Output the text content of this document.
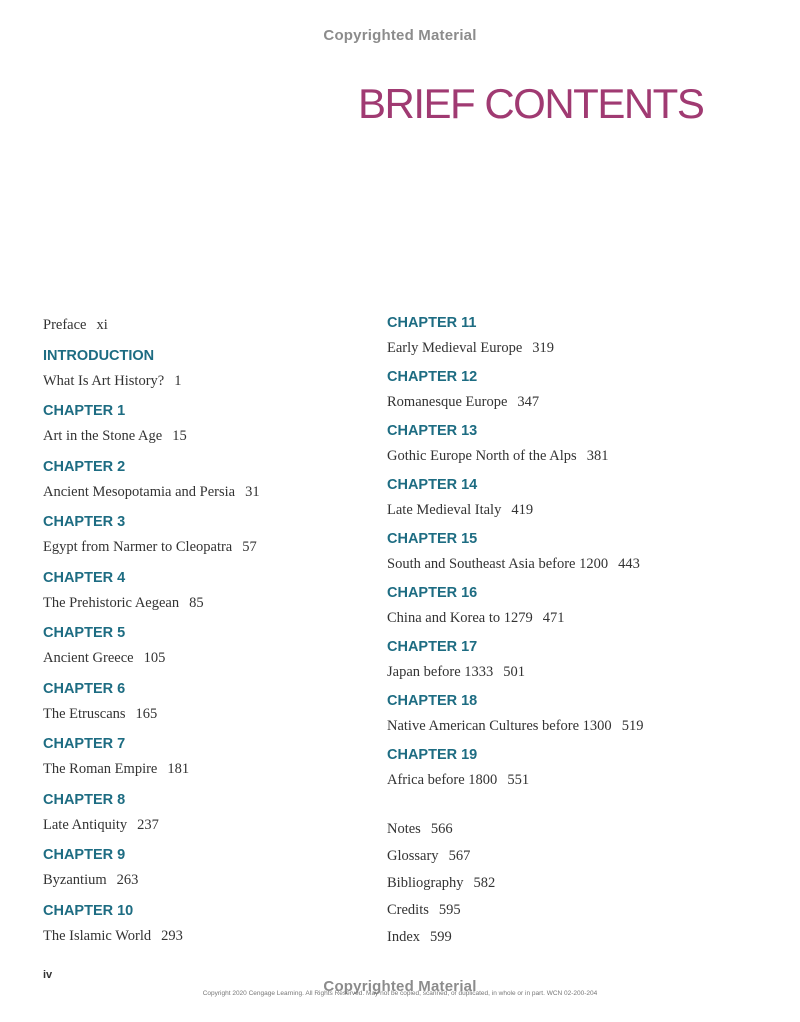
Copyrighted Material
BRIEF CONTENTS
Preface xi
INTRODUCTION
What Is Art History? 1
CHAPTER 1
Art in the Stone Age 15
CHAPTER 2
Ancient Mesopotamia and Persia 31
CHAPTER 3
Egypt from Narmer to Cleopatra 57
CHAPTER 4
The Prehistoric Aegean 85
CHAPTER 5
Ancient Greece 105
CHAPTER 6
The Etruscans 165
CHAPTER 7
The Roman Empire 181
CHAPTER 8
Late Antiquity 237
CHAPTER 9
Byzantium 263
CHAPTER 10
The Islamic World 293
CHAPTER 11
Early Medieval Europe 319
CHAPTER 12
Romanesque Europe 347
CHAPTER 13
Gothic Europe North of the Alps 381
CHAPTER 14
Late Medieval Italy 419
CHAPTER 15
South and Southeast Asia before 1200 443
CHAPTER 16
China and Korea to 1279 471
CHAPTER 17
Japan before 1333 501
CHAPTER 18
Native American Cultures before 1300 519
CHAPTER 19
Africa before 1800 551
Notes 566
Glossary 567
Bibliography 582
Credits 595
Index 599
iv
Copyrighted Material
Copyright 2020 Cengage Learning. All Rights Reserved. May not be copied, scanned, or duplicated, in whole or in part. WCN 02-200-204
